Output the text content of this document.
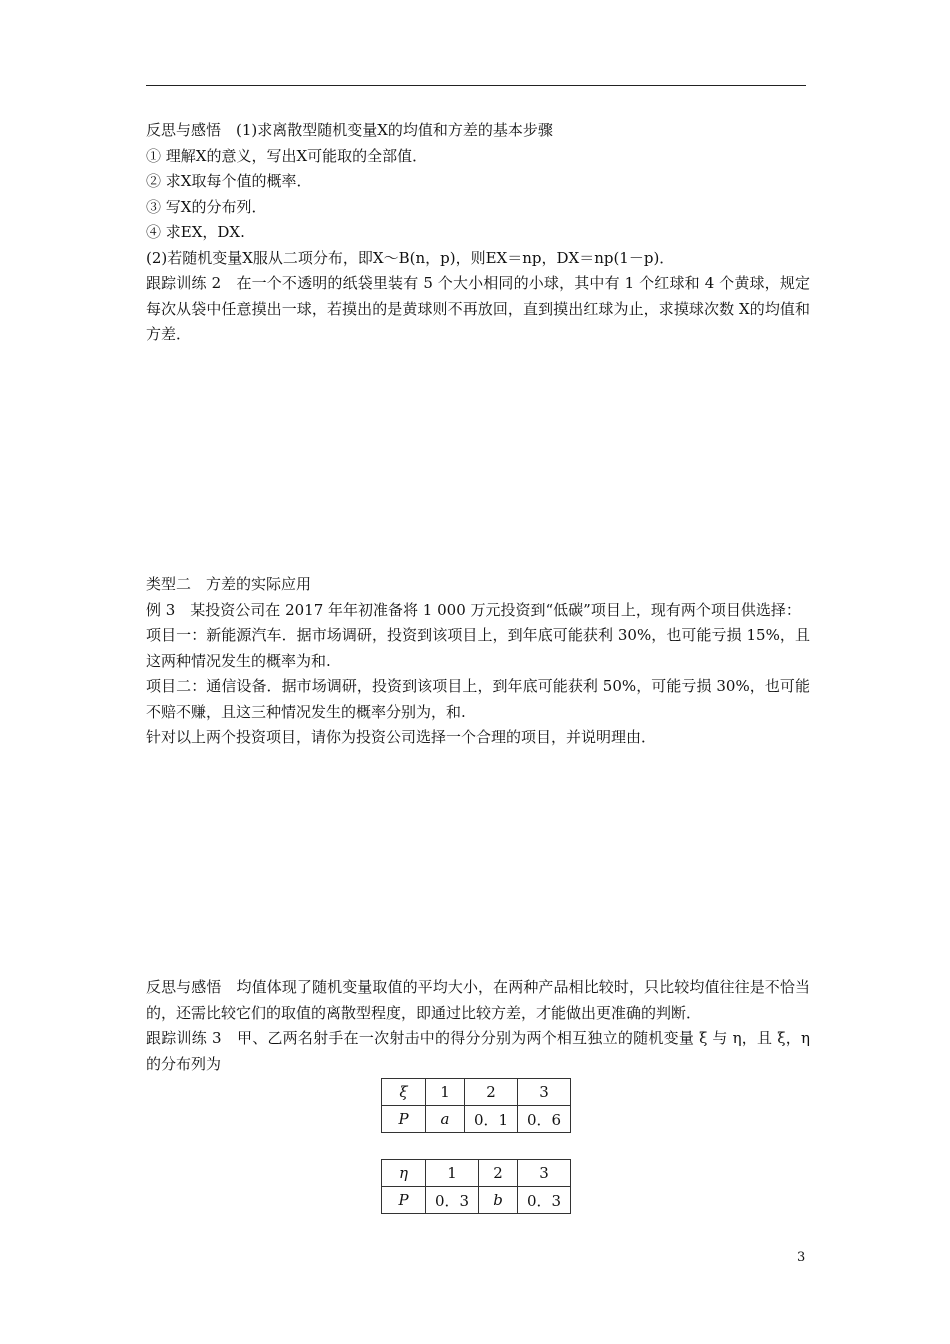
反思与感悟　(1)求离散型随机变量X的均值和方差的基本步骤

① 理解X的意义，写出X可能取的全部值．

② 求X取每个值的概率．

③ 写X的分布列．

④ 求EX，DX.

(2)若随机变量X服从二项分布，即X～B(n，p)，则EX＝np，DX＝np(1－p)．

跟踪训练 2　在一个不透明的纸袋里装有 5 个大小相同的小球，其中有 1 个红球和 4 个黄球，规定每次从袋中任意摸出一球，若摸出的是黄球则不再放回，直到摸出红球为止，求摸球次数 X的均值和方差．

类型二　方差的实际应用

例 3　某投资公司在 2017 年年初准备将 1 000 万元投资到“低碳”项目上，现有两个项目供选择：

项目一：新能源汽车．据市场调研，投资到该项目上，到年底可能获利 30%，也可能亏损 15%，且这两种情况发生的概率为和.

项目二：通信设备．据市场调研，投资到该项目上，到年底可能获利 50%，可能亏损 30%，也可能不赔不赚，且这三种情况发生的概率分别为，和.

针对以上两个投资项目，请你为投资公司选择一个合理的项目，并说明理由．

反思与感悟　均值体现了随机变量取值的平均大小，在两种产品相比较时，只比较均值往往是不恰当的，还需比较它们的取值的离散型程度，即通过比较方差，才能做出更准确的判断．

跟踪训练 3　甲、乙两名射手在一次射击中的得分分别为两个相互独立的随机变量 ξ 与 η，且 ξ，η 的分布列为

ξ	1	2	3
P	a	0．1	0．6
η	1	2	3
P	0．3	b	0．3
3
